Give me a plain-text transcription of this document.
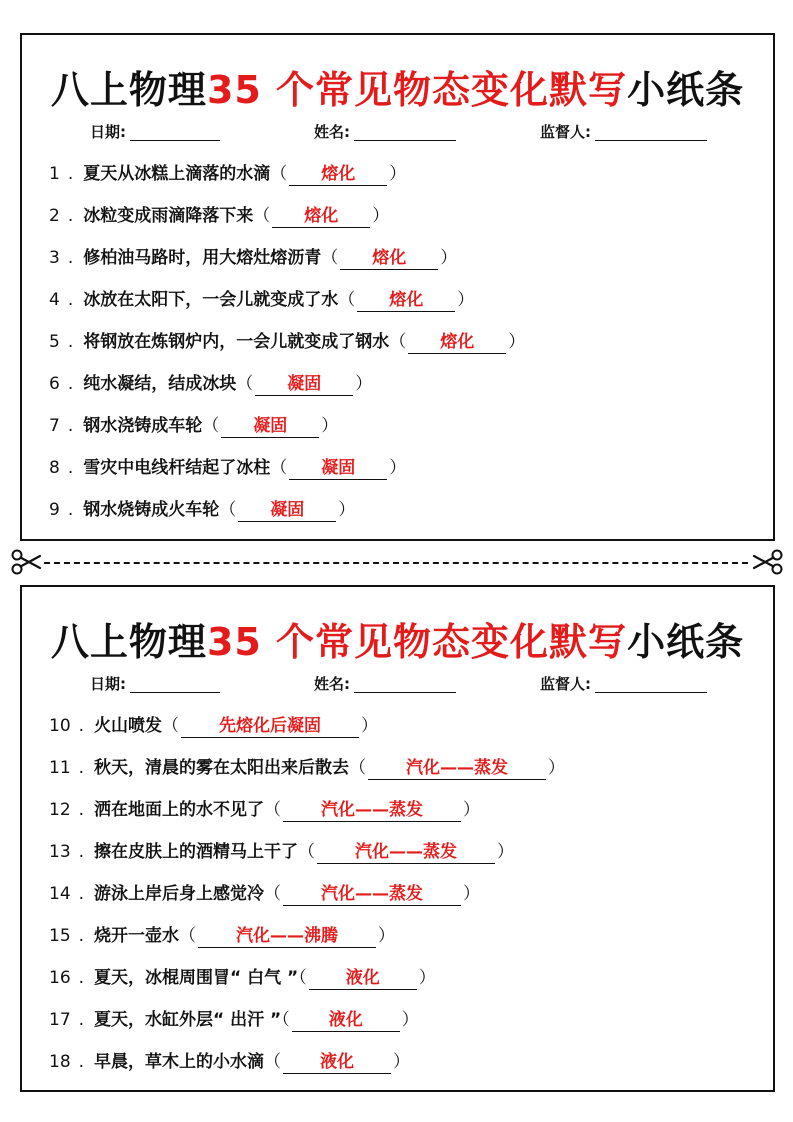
八上物理35 个常见物态变化默写小纸条
日期:	姓名:	监督人:
1 . 夏天从冰糕上滴落的水滴（ 熔化 ）
2 . 冰粒变成雨滴降落下来（ 熔化 ）
3 . 修柏油马路时，用大熔灶熔沥青（ 熔化 ）
4 . 冰放在太阳下，一会儿就变成了水（ 熔化 ）
5 . 将钢放在炼钢炉内，一会儿就变成了钢水（ 熔化 ）
6 . 纯水凝结，结成冰块（ 凝固 ）
7 . 钢水浇铸成车轮（ 凝固 ）
8 . 雪灾中电线杆结起了冰柱（ 凝固 ）
9 . 钢水烧铸成火车轮（ 凝固 ）
八上物理35 个常见物态变化默写小纸条
日期:	姓名:	监督人:
10 . 火山喷发（ 先熔化后凝固 ）
11 . 秋天，清晨的雾在太阳出来后散去（ 汽化——蒸发 ）
12 . 洒在地面上的水不见了（ 汽化——蒸发 ）
13 . 擦在皮肤上的酒精马上干了（ 汽化——蒸发 ）
14 . 游泳上岸后身上感觉冷（ 汽化——蒸发 ）
15 . 烧开一壶水（ 汽化——沸腾 ）
16 . 夏天，冰棍周围冒“ 白气 ”（ 液化 ）
17 . 夏天，水缸外层“ 出汗 ”（ 液化 ）
18 . 早晨，草木上的小水滴（ 液化 ）
